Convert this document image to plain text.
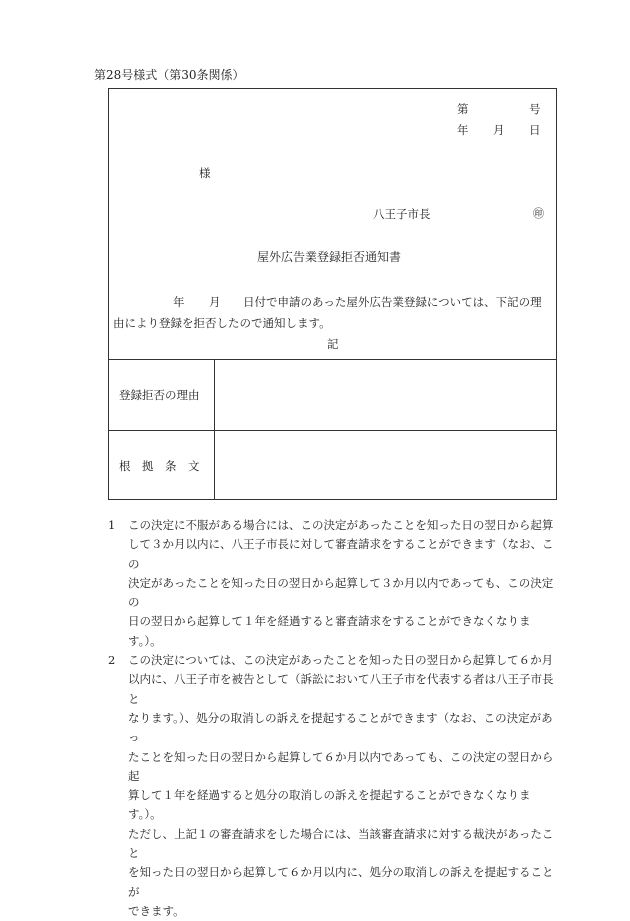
第28号様式（第30条関係）
第	号
年 月 日
様
八王子市長	㊞
屋外広告業登録拒否通知書
年 月 日付で申請のあった屋外広告業登録については、下記の理
由により登録を拒否したので通知します。
記
登録拒否の理由
根　拠　条　文
1 この決定に不服がある場合には、この決定があったことを知った日の翌日から起算
して３か月以内に、八王子市長に対して審査請求をすることができます（なお、この
決定があったことを知った日の翌日から起算して３か月以内であっても、この決定の
日の翌日から起算して１年を経過すると審査請求をすることができなくなります。）。
2 この決定については、この決定があったことを知った日の翌日から起算して６か月
以内に、八王子市を被告として（訴訟において八王子市を代表する者は八王子市長と
なります。）、処分の取消しの訴えを提起することができます（なお、この決定があっ
たことを知った日の翌日から起算して６か月以内であっても、この決定の翌日から起
算して１年を経過すると処分の取消しの訴えを提起することができなくなります。）。
ただし、上記１の審査請求をした場合には、当該審査請求に対する裁決があったこと
を知った日の翌日から起算して６か月以内に、処分の取消しの訴えを提起することが
できます。
